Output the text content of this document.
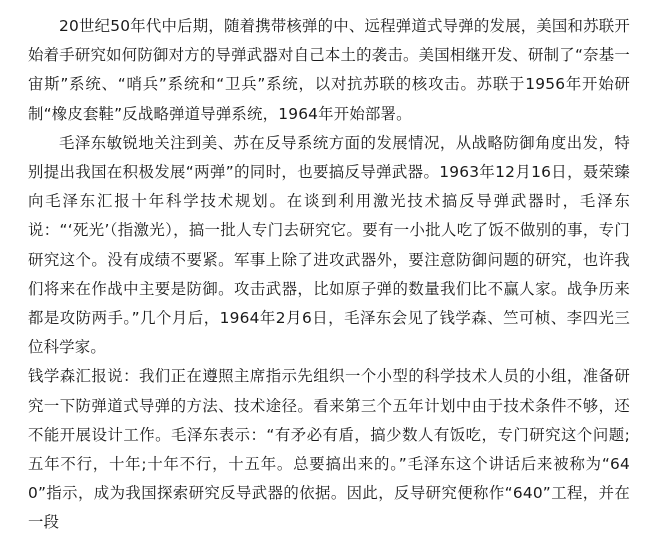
20世纪50年代中后期，随着携带核弹的中、远程弹道式导弹的发展，美国和苏联开始着手研究如何防御对方的导弹武器对自己本土的袭击。美国相继开发、研制了“奈基一宙斯”系统、“哨兵”系统和“卫兵”系统，以对抗苏联的核攻击。苏联于1956年开始研制“橡皮套鞋”反战略弹道导弹系统，1964年开始部署。

毛泽东敏锐地关注到美、苏在反导系统方面的发展情况，从战略防御角度出发，特别提出我国在积极发展“两弹”的同时，也要搞反导弹武器。1963年12月16日，聂荣臻向毛泽东汇报十年科学技术规划。在谈到利用激光技术搞反导弹武器时，毛泽东说：“‘死光’（指激光），搞一批人专门去研究它。要有一小批人吃了饭不做别的事，专门研究这个。没有成绩不要紧。军事上除了进攻武器外，要注意防御问题的研究，也许我们将来在作战中主要是防御。攻击武器，比如原子弹的数量我们比不赢人家。战争历来都是攻防两手。”几个月后，1964年2月6日，毛泽东会见了钱学森、竺可桢、李四光三位科学家。

钱学森汇报说：我们正在遵照主席指示先组织一个小型的科学技术人员的小组，准备研究一下防弹道式导弹的方法、技术途径。看来第三个五年计划中由于技术条件不够，还不能开展设计工作。毛泽东表示：“有矛必有盾，搞少数人有饭吃，专门研究这个问题;五年不行，十年;十年不行，十五年。总要搞出来的。”毛泽东这个讲话后来被称为“640”指示，成为我国探索研究反导武器的依据。因此，反导研究便称作“640”工程，并在一段
